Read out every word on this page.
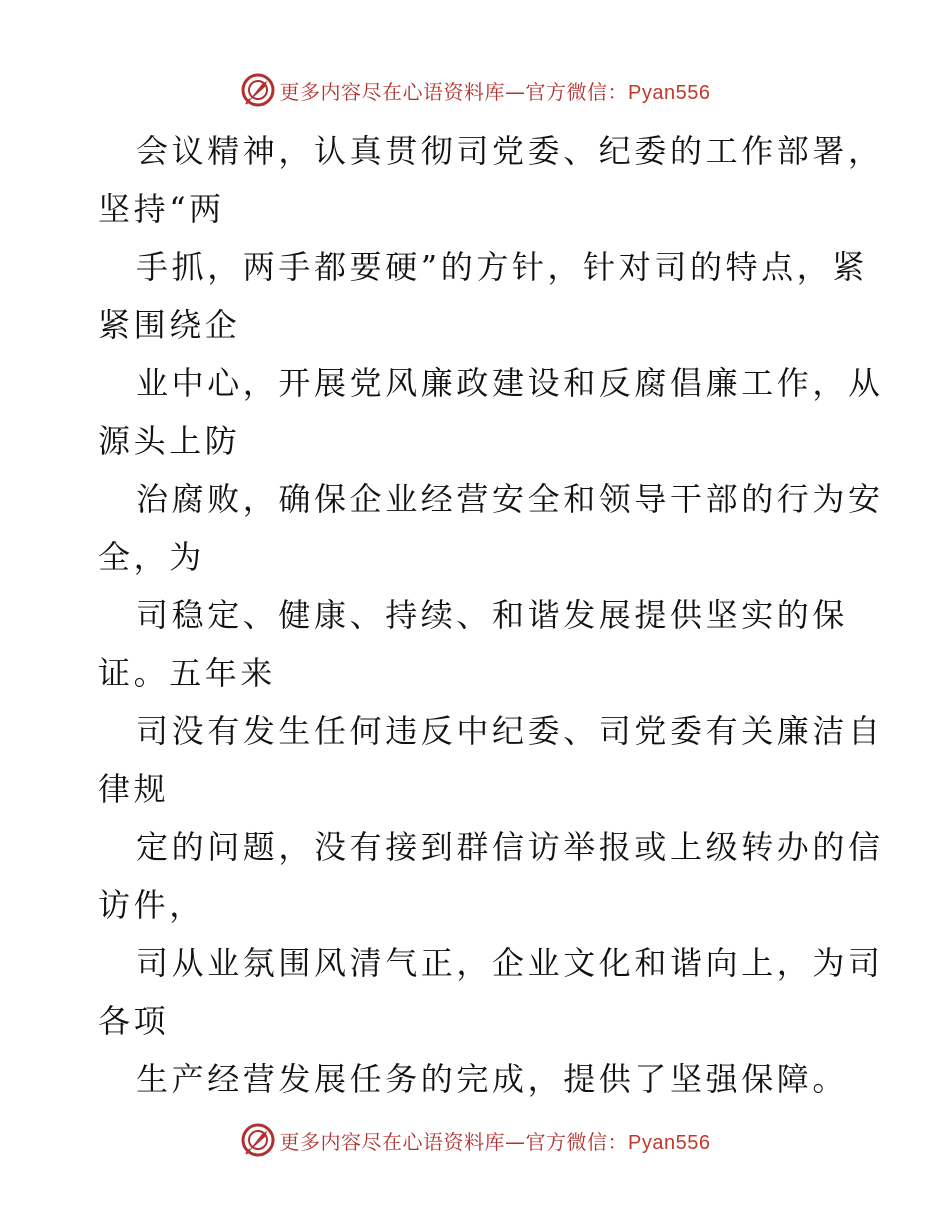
更多内容尽在心语资料库—官方微信：Pyan556

会议精神，认真贯彻司党委、纪委的工作部署，
坚持“两

手抓，两手都要硬”的方针，针对司的特点，紧
紧围绕企

业中心，开展党风廉政建设和反腐倡廉工作，从
源头上防

治腐败，确保企业经营安全和领导干部的行为安
全，为

司稳定、健康、持续、和谐发展提供坚实的保
证。五年来

司没有发生任何违反中纪委、司党委有关廉洁自
律规

定的问题，没有接到群信访举报或上级转办的信
访件，

司从业氛围风清气正，企业文化和谐向上，为司
各项

生产经营发展任务的完成，提供了坚强保障。

更多内容尽在心语资料库—官方微信：Pyan556
